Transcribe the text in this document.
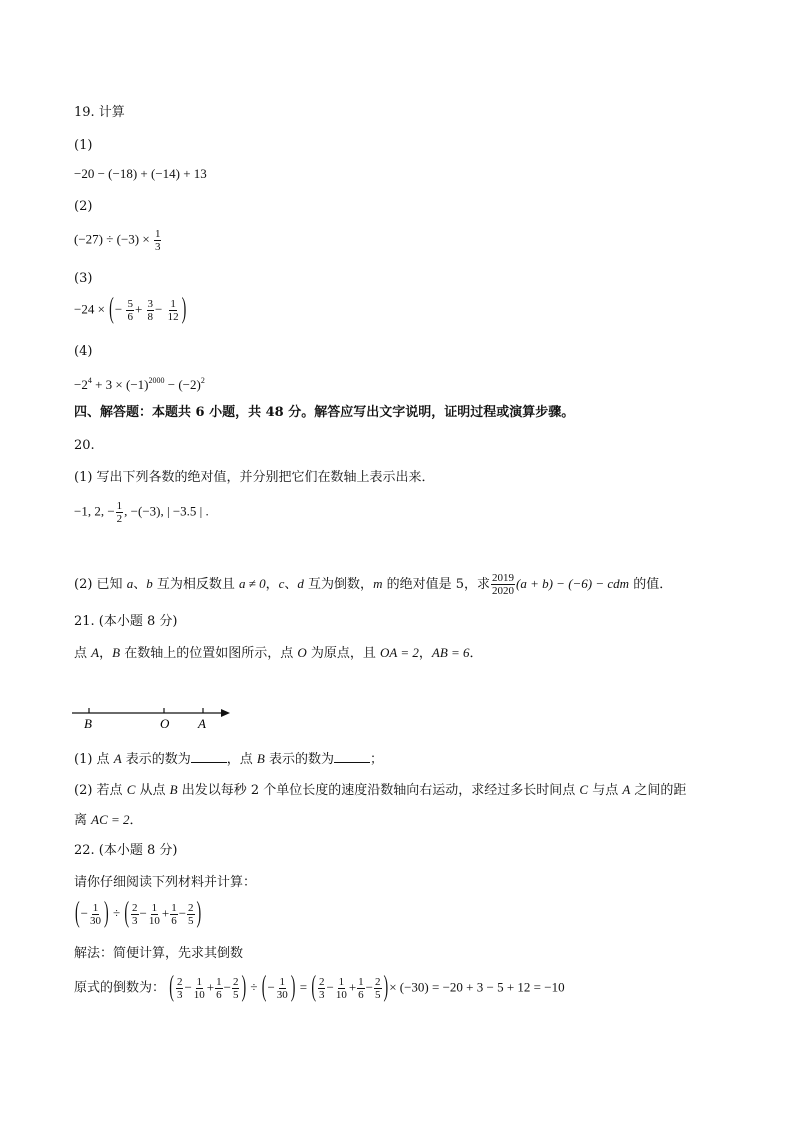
19. 计算
(1)
−20 − (−18) + (−14) + 13
(2)
$(-27) \div (-3) \times \frac{1}{3}$
(3)
−24 × (− $\frac{5}{6} + \frac{3}{8} - \frac{1}{12}$ )
(4)
$-2^4 + 3 \times (-1)^{2000} - (-2)^2$
四、解答题：本题共 6 小题，共 48 分。解答应写出文字说明，证明过程或演算步骤。
20.
(1) 写出下列各数的绝对值，并分别把它们在数轴上表示出来．
−1, 2, − $\frac{1}{2}$ , −(−3), | −3.5 | .
(2) 已知 a、b 互为相反数且 a ≠ 0，c、d 互为倒数，m 的绝对值是 5，求 $\frac{2019}{2020} (a + b) - (-6)$ − cdm 的值．
21. (本小题 8 分)
点 A，B 在数轴上的位置如图所示，点 O 为原点，且 OA = 2，AB = 6．
B	O A
(1) 点 A 表示的数为	，点 B 表示的数为	；
(2) 若点 C 从点 B 出发以每秒 2 个单位长度的速度沿数轴向右运动，求经过多长时间点 C 与点 A 之间的距
离 AC = 2．
22. (本小题 8 分)
请你仔细阅读下列材料并计算：
(− $\frac{1}{30}$ ) ÷ ( $\frac{2}{3} - \frac{1}{10} + \frac{1}{6} - \frac{2}{5}$ )
解法：简便计算，先求其倒数
原式的倒数为： ( $\frac{2}{3} - \frac{1}{10} + \frac{1}{6} - \frac{2}{5}$ ) ÷ (− $\frac{1}{30}$ ) = ( $\frac{2}{3} - \frac{1}{10} + \frac{1}{6} - \frac{2}{5}$ )× (−30) = −20 + 3 − 5 + 12 = −10
